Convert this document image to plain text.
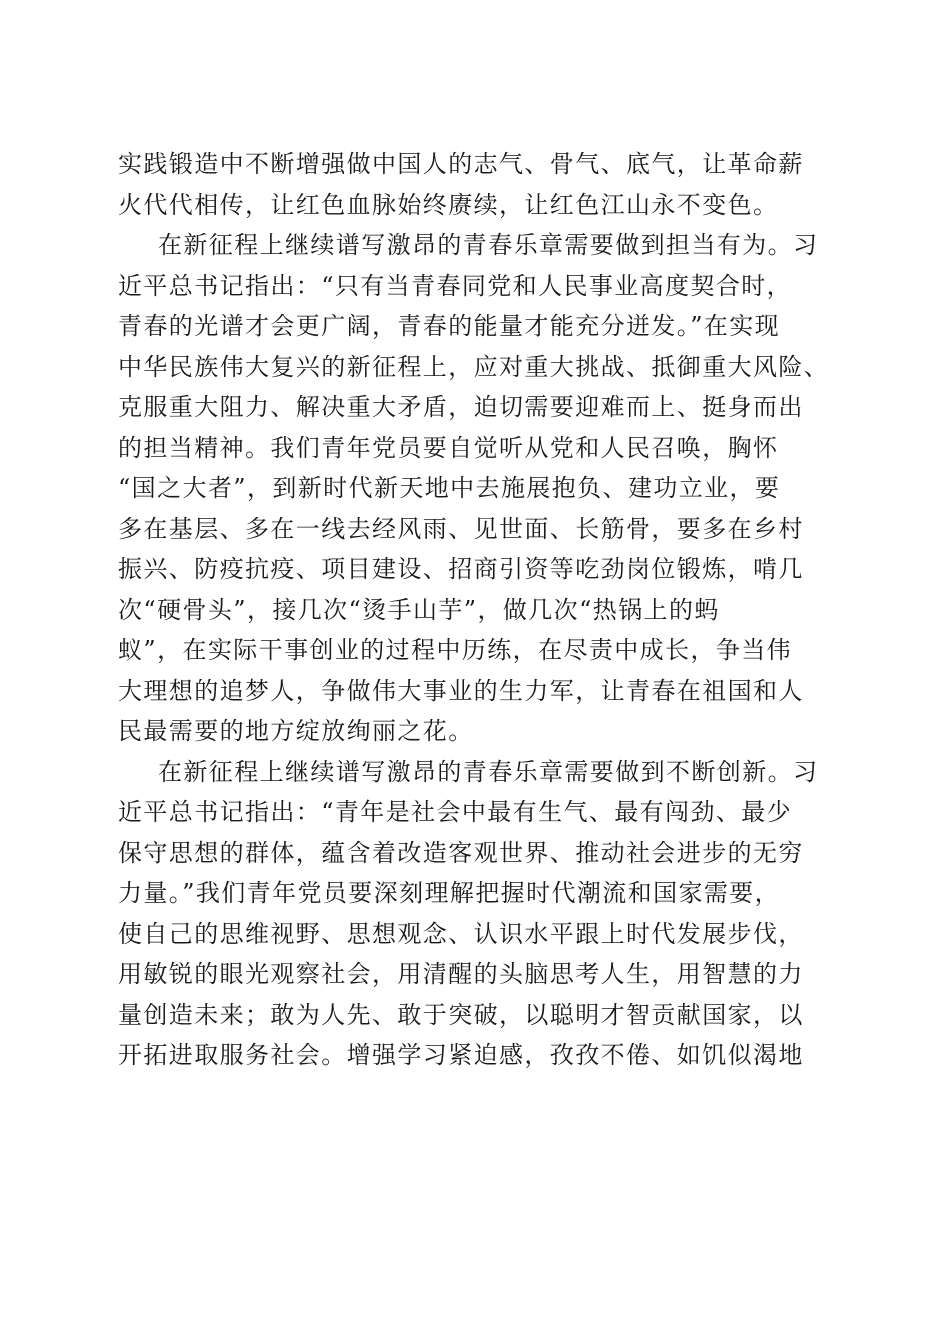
实践锻造中不断增强做中国人的志气、骨气、底气，让革命薪
火代代相传，让红色血脉始终赓续，让红色江山永不变色。
在新征程上继续谱写激昂的青春乐章需要做到担当有为。习
近平总书记指出：“只有当青春同党和人民事业高度契合时，
青春的光谱才会更广阔，青春的能量才能充分迸发。”在实现
中华民族伟大复兴的新征程上，应对重大挑战、抵御重大风险、
克服重大阻力、解决重大矛盾，迫切需要迎难而上、挺身而出
的担当精神。我们青年党员要自觉听从党和人民召唤，胸怀
“国之大者”，到新时代新天地中去施展抱负、建功立业，要
多在基层、多在一线去经风雨、见世面、长筋骨，要多在乡村
振兴、防疫抗疫、项目建设、招商引资等吃劲岗位锻炼，啃几
次“硬骨头”，接几次“烫手山芋”，做几次“热锅上的蚂
蚁”，在实际干事创业的过程中历练，在尽责中成长，争当伟
大理想的追梦人，争做伟大事业的生力军，让青春在祖国和人
民最需要的地方绽放绚丽之花。
在新征程上继续谱写激昂的青春乐章需要做到不断创新。习
近平总书记指出：“青年是社会中最有生气、最有闯劲、最少
保守思想的群体，蕴含着改造客观世界、推动社会进步的无穷
力量。”我们青年党员要深刻理解把握时代潮流和国家需要，
使自己的思维视野、思想观念、认识水平跟上时代发展步伐，
用敏锐的眼光观察社会，用清醒的头脑思考人生，用智慧的力
量创造未来；敢为人先、敢于突破，以聪明才智贡献国家，以
开拓进取服务社会。增强学习紧迫感，孜孜不倦、如饥似渴地
